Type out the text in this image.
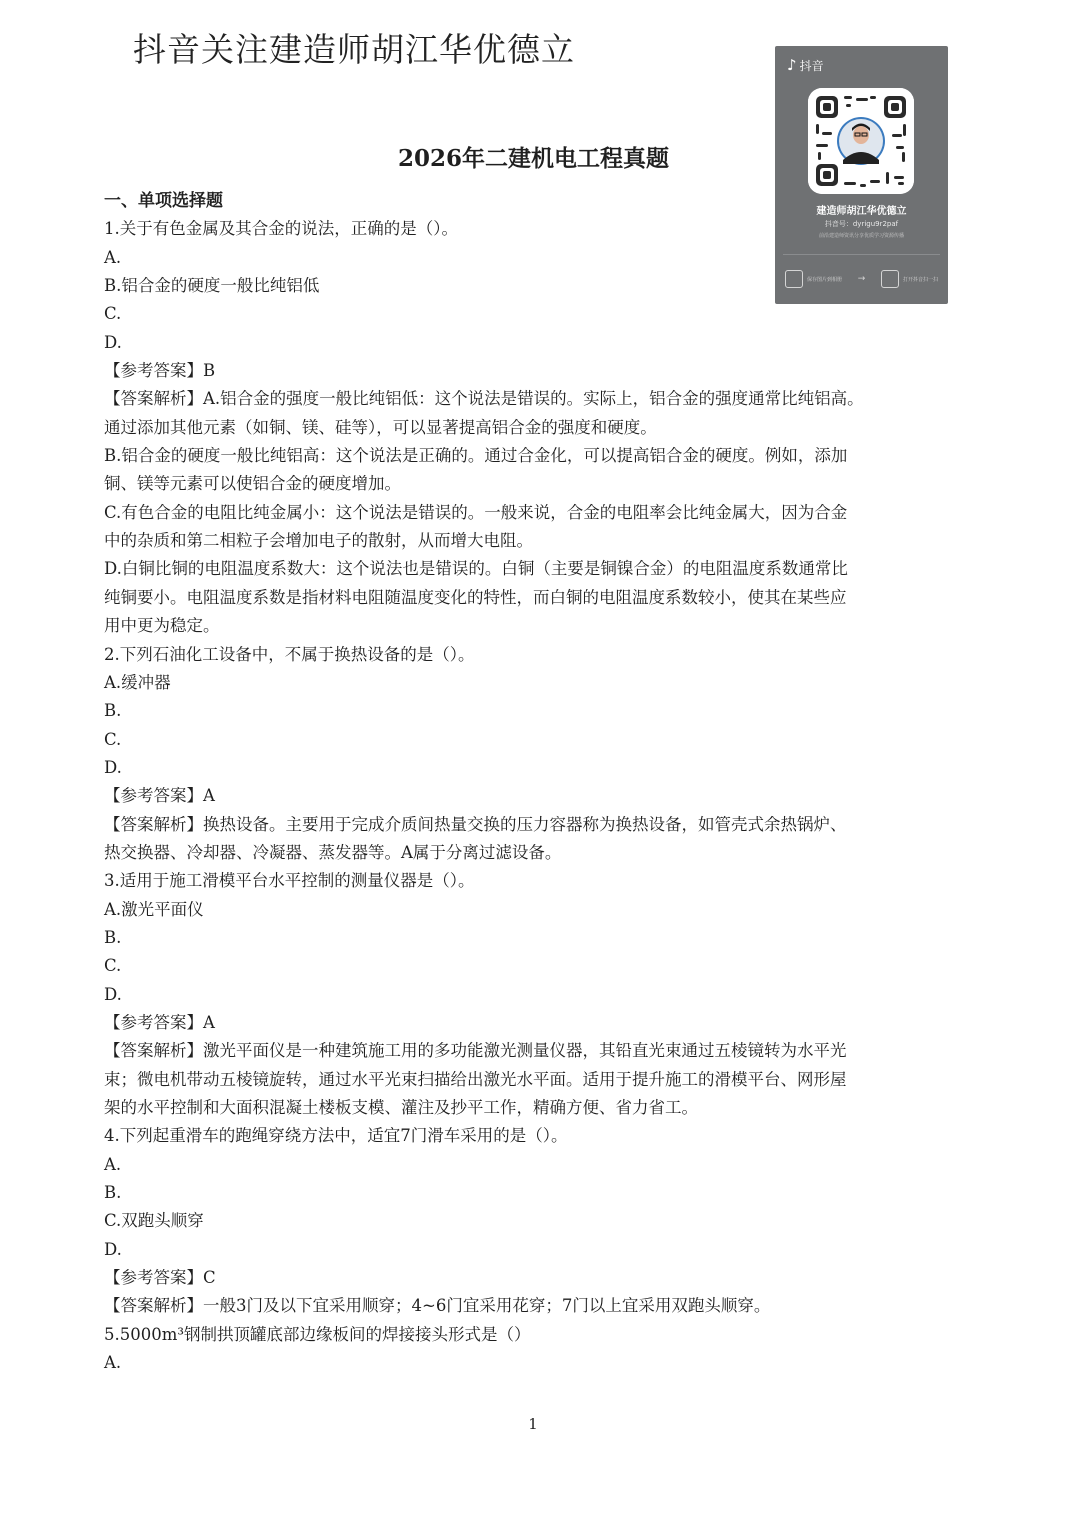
抖音关注建造师胡江华优德立	♪ 抖音
建造师胡江华优德立
抖音号：dyrigu9r2paf
前沿建造师资讯分享优质学习资源传播
保存图片到相册 →	打开抖音扫一扫
2026年二建机电工程真题

一、单项选择题

1.关于有色金属及其合金的说法，正确的是（）。

A.

B.铝合金的硬度一般比纯铝低

C.

D.

【参考答案】B

【答案解析】A.铝合金的强度一般比纯铝低：这个说法是错误的。实际上，铝合金的强度通常比纯铝高。

通过添加其他元素（如铜、镁、硅等），可以显著提高铝合金的强度和硬度。

B.铝合金的硬度一般比纯铝高：这个说法是正确的。通过合金化，可以提高铝合金的硬度。例如，添加

铜、镁等元素可以使铝合金的硬度增加。

C.有色合金的电阻比纯金属小：这个说法是错误的。一般来说，合金的电阻率会比纯金属大，因为合金

中的杂质和第二相粒子会增加电子的散射，从而增大电阻。

D.白铜比铜的电阻温度系数大：这个说法也是错误的。白铜（主要是铜镍合金）的电阻温度系数通常比

纯铜要小。电阻温度系数是指材料电阻随温度变化的特性，而白铜的电阻温度系数较小，使其在某些应

用中更为稳定。

2.下列石油化工设备中，不属于换热设备的是（）。

A.缓冲器

B.

C.

D.

【参考答案】A

【答案解析】换热设备。主要用于完成介质间热量交换的压力容器称为换热设备，如管壳式余热锅炉、

热交换器、冷却器、冷凝器、蒸发器等。A属于分离过滤设备。

3.适用于施工滑模平台水平控制的测量仪器是（）。

A.激光平面仪

B.

C.

D.

【参考答案】A

【答案解析】激光平面仪是一种建筑施工用的多功能激光测量仪器，其铅直光束通过五棱镜转为水平光

束；微电机带动五棱镜旋转，通过水平光束扫描给出激光水平面。适用于提升施工的滑模平台、网形屋

架的水平控制和大面积混凝土楼板支模、灌注及抄平工作，精确方便、省力省工。

4.下列起重滑车的跑绳穿绕方法中，适宜7门滑车采用的是（）。

A.

B.

C.双跑头顺穿

D.

【参考答案】C

【答案解析】一般3门及以下宜采用顺穿；4~6门宜采用花穿；7门以上宜采用双跑头顺穿。

5.5000m³钢制拱顶罐底部边缘板间的焊接接头形式是（）

A.

1
